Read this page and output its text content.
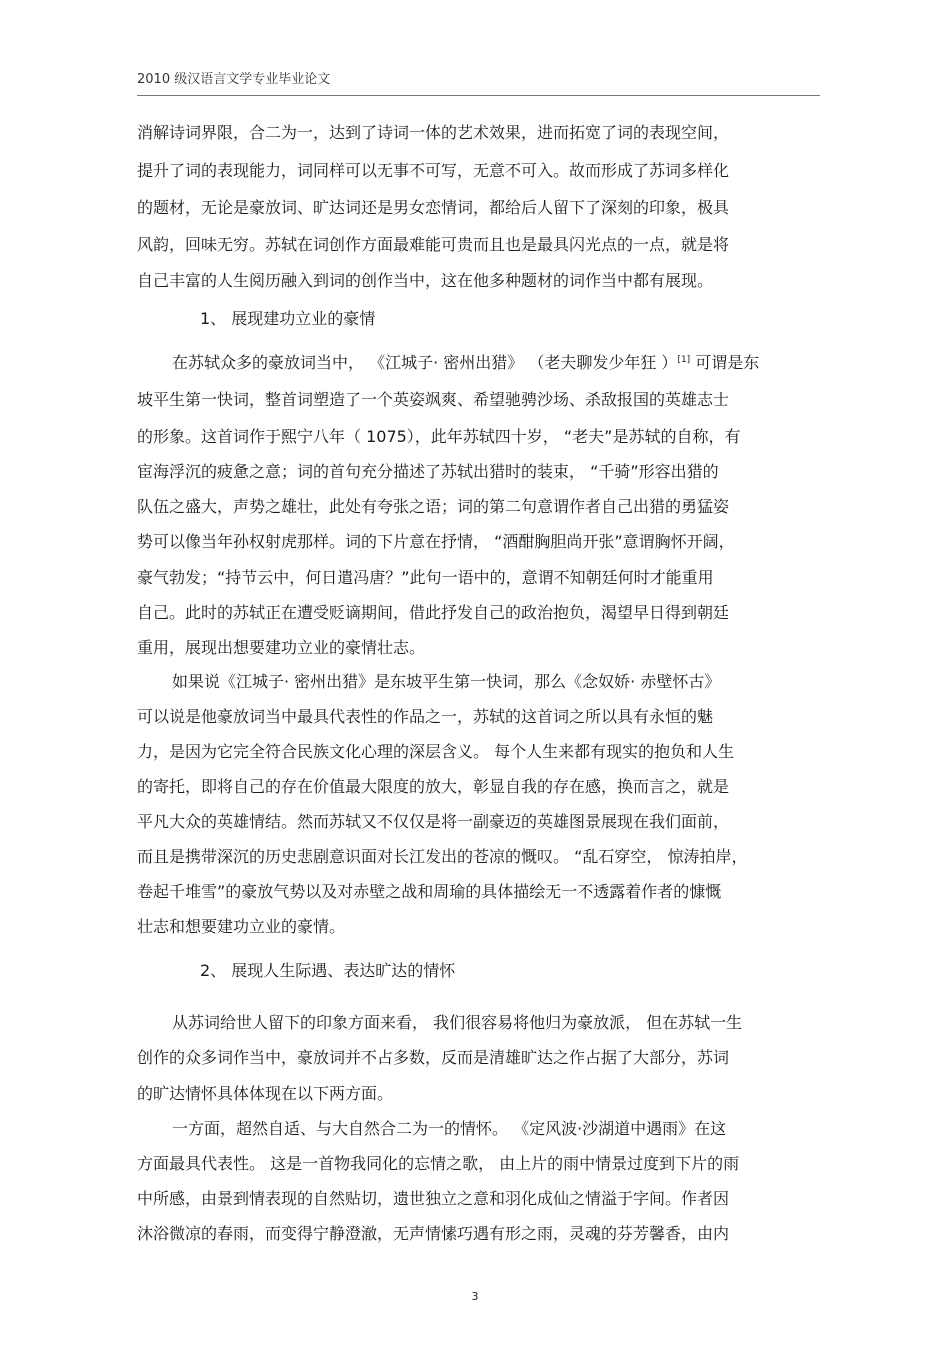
2010 级汉语言文学专业毕业论文
消解诗词界限，合二为一，达到了诗词一体的艺术效果，进而拓宽了词的表现空间，
提升了词的表现能力，词同样可以无事不可写，无意不可入。故而形成了苏词多样化
的题材，无论是豪放词、旷达词还是男女恋情词，都给后人留下了深刻的印象，极具
风韵，回味无穷。苏轼在词创作方面最难能可贵而且也是最具闪光点的一点，就是将
自己丰富的人生阅历融入到词的创作当中，这在他多种题材的词作当中都有展现。
1、 展现建功立业的豪情
在苏轼众多的豪放词当中， 《江城子· 密州出猎》 （老夫聊发少年狂 ）[1] 可谓是东
坡平生第一快词，整首词塑造了一个英姿飒爽、希望驰骋沙场、杀敌报国的英雄志士
的形象。这首词作于熙宁八年（ 1075），此年苏轼四十岁， “老夫”是苏轼的自称，有
宦海浮沉的疲惫之意；词的首句充分描述了苏轼出猎时的装束， “千骑”形容出猎的
队伍之盛大，声势之雄壮，此处有夸张之语；词的第二句意谓作者自己出猎的勇猛姿
势可以像当年孙权射虎那样。词的下片意在抒情， “酒酣胸胆尚开张”意谓胸怀开阔，
豪气勃发；“持节云中，何日遣冯唐？”此句一语中的，意谓不知朝廷何时才能重用
自己。此时的苏轼正在遭受贬谪期间，借此抒发自己的政治抱负，渴望早日得到朝廷
重用，展现出想要建功立业的豪情壮志。
如果说《江城子· 密州出猎》是东坡平生第一快词，那么《念奴娇· 赤壁怀古》
可以说是他豪放词当中最具代表性的作品之一，苏轼的这首词之所以具有永恒的魅
力，是因为它完全符合民族文化心理的深层含义。 每个人生来都有现实的抱负和人生
的寄托，即将自己的存在价值最大限度的放大，彰显自我的存在感，换而言之，就是
平凡大众的英雄情结。然而苏轼又不仅仅是将一副豪迈的英雄图景展现在我们面前，
而且是携带深沉的历史悲剧意识面对长江发出的苍凉的慨叹。 “乱石穿空， 惊涛拍岸，
卷起千堆雪”的豪放气势以及对赤壁之战和周瑜的具体描绘无一不透露着作者的慷慨
壮志和想要建功立业的豪情。
2、 展现人生际遇、表达旷达的情怀
从苏词给世人留下的印象方面来看， 我们很容易将他归为豪放派， 但在苏轼一生
创作的众多词作当中，豪放词并不占多数，反而是清雄旷达之作占据了大部分，苏词
的旷达情怀具体体现在以下两方面。
一方面，超然自适、与大自然合二为一的情怀。 《定风波·沙湖道中遇雨》在这
方面最具代表性。 这是一首物我同化的忘情之歌， 由上片的雨中情景过度到下片的雨
中所感，由景到情表现的自然贴切，遗世独立之意和羽化成仙之情溢于字间。作者因
沐浴微凉的春雨，而变得宁静澄澈，无声情愫巧遇有形之雨，灵魂的芬芳馨香，由内
3
